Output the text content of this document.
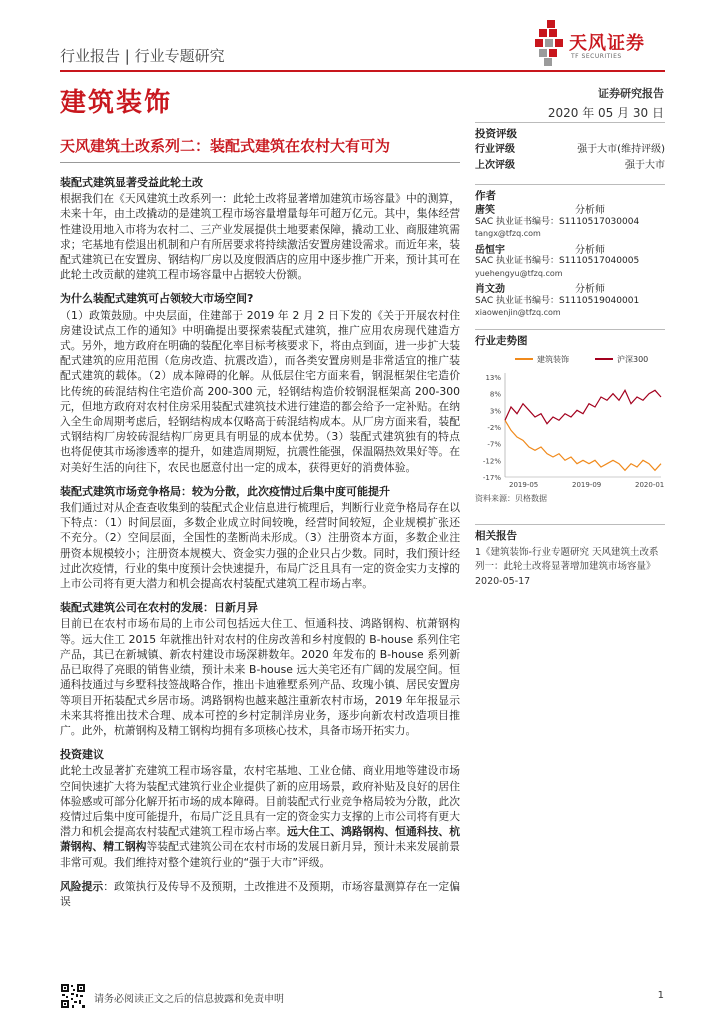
行业报告 | 行业专题研究
天风证券
TF SECURITIES
建筑装饰	证券研究报告
2020 年 05 月 30 日
天风建筑土改系列二：装配式建筑在农村大有可为
装配式建筑显著受益此轮土改

根据我们在《天风建筑土改系列一：此轮土改将显著增加建筑市场容量》中的测算，未来十年，由土改撬动的是建筑工程市场容量增量每年可超万亿元。其中，集体经营性建设用地入市将为农村二、三产业发展提供土地要素保障，撬动工业、商服建筑需求；宅基地有偿退出机制和户有所居要求将持续激活安置房建设需求。而近年来，装配式建筑已在安置房、钢结构厂房以及度假酒店的应用中逐步推广开来，预计其可在此轮土改贡献的建筑工程市场容量中占据较大份额。

为什么装配式建筑可占领较大市场空间?

（1）政策鼓励。中央层面，住建部于 2019 年 2 月 2 日下发的《关于开展农村住房建设试点工作的通知》中明确提出要探索装配式建筑，推广应用农房现代建造方式。另外，地方政府在明确的装配化率目标考核要求下，将由点到面，进一步扩大装配式建筑的应用范围（危房改造、抗震改造），而各类安置房则是非常适宜的推广装配式建筑的载体。（2）成本障碍的化解。从低层住宅方面来看，钢混框架住宅造价比传统的砖混结构住宅造价高 200-300 元，轻钢结构造价较钢混框架高 200-300 元，但地方政府对农村住房采用装配式建筑技术进行建造的都会给予一定补贴。在纳入全生命周期考虑后，轻钢结构成本仅略高于砖混结构成本。从厂房方面来看，装配式钢结构厂房较砖混结构厂房更具有明显的成本优势。（3）装配式建筑独有的特点也将促使其市场渗透率的提升，如建造周期短，抗震性能强，保温隔热效果好等。在对美好生活的向往下，农民也愿意付出一定的成本，获得更好的消费体验。

装配式建筑市场竞争格局：较为分散，此次疫情过后集中度可能提升

我们通过对从企查查收集到的装配式企业信息进行梳理后，判断行业竞争格局存在以下特点：（1）时间层面，多数企业成立时间较晚，经营时间较短，企业规模扩张还不充分。（2）空间层面，全国性的垄断尚未形成。（3）注册资本方面，多数企业注册资本规模较小；注册资本规模大、资金实力强的企业只占少数。同时，我们预计经过此次疫情，行业的集中度预计会快速提升，布局广泛且具有一定的资金实力支撑的上市公司将有更大潜力和机会提高农村装配式建筑工程市场占率。

装配式建筑公司在农村的发展：日新月异

目前已在农村市场布局的上市公司包括远大住工、恒通科技、鸿路钢构、杭萧钢构等。远大住工 2015 年就推出针对农村的住房改善和乡村度假的 B-house 系列住宅产品，其已在新城镇、新农村建设市场深耕数年。2020 年发布的 B-house 系列新品已取得了亮眼的销售业绩，预计未来 B-house 远大美宅还有广阔的发展空间。恒通科技通过与乡墅科技签战略合作，推出卡迪雅墅系列产品、玫瑰小镇、居民安置房等项目开拓装配式乡居市场。鸿路钢构也越来越注重新农村市场，2019 年年报显示未来其将推出技术合理、成本可控的乡村定制洋房业务，逐步向新农村改造项目推广。此外，杭萧钢构及精工钢构均拥有多项核心技术，具备市场开拓实力。

投资建议

此轮土改显著扩充建筑工程市场容量，农村宅基地、工业仓储、商业用地等建设市场空间快速扩大将为装配式建筑行业企业提供了新的应用场景，政府补贴及良好的居住体验感或可部分化解开拓市场的成本障碍。目前装配式行业竞争格局较为分散，此次疫情过后集中度可能提升，布局广泛且具有一定的资金实力支撑的上市公司将有更大潜力和机会提高农村装配式建筑工程市场占率。远大住工、鸿路钢构、恒通科技、杭萧钢构、精工钢构等装配式建筑公司在农村市场的发展日新月异，预计未来发展前景非常可观。我们维持对整个建筑行业的“强于大市”评级。

风险提示：政策执行及传导不及预期，土改推进不及预期，市场容量测算存在一定偏误

投资评级
行业评级	强于大市(维持评级)
上次评级	强于大市
作者
唐笑	分析师
SAC 执业证书编号：S1110517030004
tangx@tfzq.com
岳恒宇	分析师
SAC 执业证书编号：S1110517040005
yuehengyu@tfzq.com
肖文劲	分析师
SAC 执业证书编号：S1110519040001
xiaowenjin@tfzq.com
行业走势图
建筑装饰	沪深300
13%
8%
3%
-2%
-7%
-12%
-17%
2019-05	2019-09	2020-01
资料来源：贝格数据
相关报告
1《建筑装饰-行业专题研究 天风建筑土改系列一：此轮土改将显著增加建筑市场容量》2020-05-17
请务必阅读正文之后的信息披露和免责申明	1
